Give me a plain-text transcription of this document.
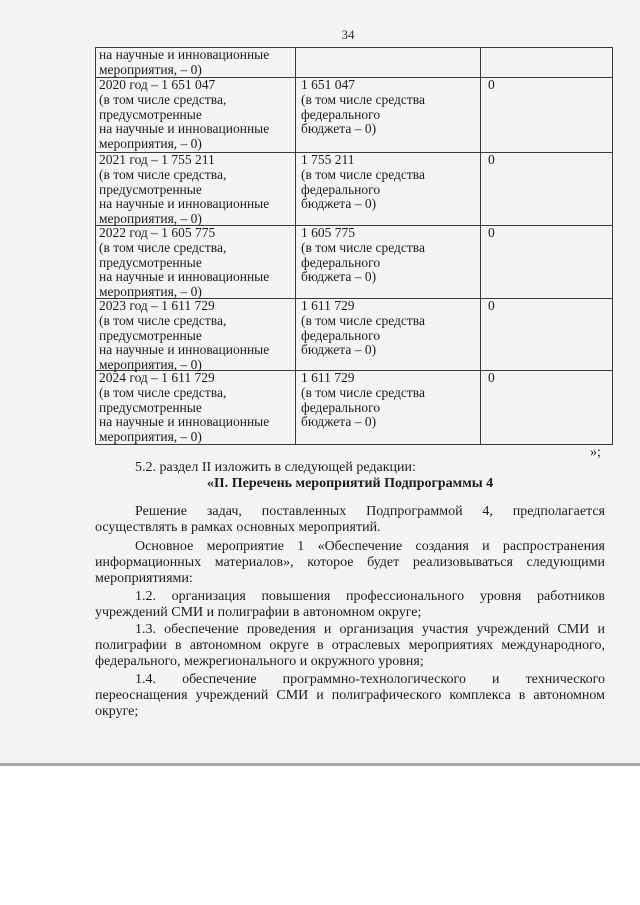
34
на научные и инновационные
мероприятия, – 0)
2020 год – 1 651 047
(в том числе средства,
предусмотренные
на научные и инновационные
мероприятия, – 0)
1 651 047
(в том числе средства
федерального
бюджета – 0)
0
2021 год – 1 755 211
(в том числе средства,
предусмотренные
на научные и инновационные
мероприятия, – 0)
1 755 211
(в том числе средства
федерального
бюджета – 0)
0
2022 год – 1 605 775
(в том числе средства,
предусмотренные
на научные и инновационные
мероприятия, – 0)
1 605 775
(в том числе средства
федерального
бюджета – 0)
0
2023 год – 1 611 729
(в том числе средства,
предусмотренные
на научные и инновационные
мероприятия, – 0)
1 611 729
(в том числе средства
федерального
бюджета – 0)
0
2024 год – 1 611 729
(в том числе средства,
предусмотренные
на научные и инновационные
мероприятия, – 0)
1 611 729
(в том числе средства
федерального
бюджета – 0)
0
»;
5.2. раздел II изложить в следующей редакции:
«II. Перечень мероприятий Подпрограммы 4
Решение задач, поставленных Подпрограммой 4, предполагается
осуществлять в рамках основных мероприятий.
Основное мероприятие 1 «Обеспечение создания и распространения
информационных материалов», которое будет реализовываться следующими
мероприятиями:
1.2. организация повышения профессионального уровня работников
учреждений СМИ и полиграфии в автономном округе;
1.3. обеспечение проведения и организация участия учреждений СМИ и
полиграфии в автономном округе в отраслевых мероприятиях международного,
федерального, межрегионального и окружного уровня;
1.4. обеспечение программно-технологического и технического
переоснащения учреждений СМИ и полиграфического комплекса в автономном
округе;
